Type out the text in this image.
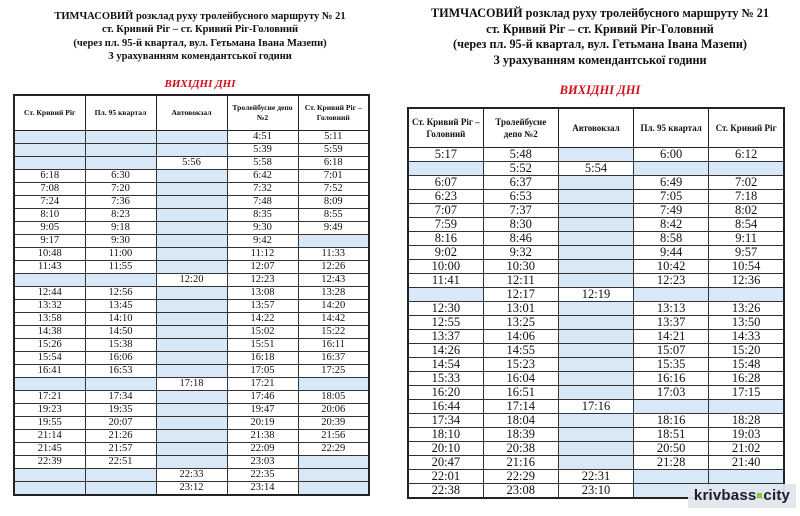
ТИМЧАСОВИЙ розклад руху тролейбусного маршруту № 21
ст. Кривий Ріг – ст. Кривий Ріг-Головний
(через пл. 95-й квартал, вул. Гетьмана Івана Мазепи)
З урахуванням комендантської години
ВИХІДНІ ДНІ
Ст. Кривий Ріг	Пл. 95 квартал	Автовокзал	Тролейбусне депо №2	Ст. Кривий Ріг – Головний
			4:51	5:11
			5:39	5:59
		5:56	5:58	6:18
6:18	6:30		6:42	7:01
7:08	7:20		7:32	7:52
7:24	7:36		7:48	8:09
8:10	8:23		8:35	8:55
9:05	9:18		9:30	9:49
9:17	9:30		9:42	
10:48	11:00		11:12	11:33
11:43	11:55		12:07	12:26
		12:20	12:23	12:43
12:44	12:56		13:08	13:28
13:32	13:45		13:57	14:20
13:58	14:10		14:22	14:42
14:38	14:50		15:02	15:22
15:26	15:38		15:51	16:11
15:54	16:06		16:18	16:37
16:41	16:53		17:05	17:25
		17:18	17:21	
17:21	17:34		17:46	18:05
19:23	19:35		19:47	20:06
19:55	20:07		20:19	20:39
21:14	21:26		21:38	21:56
21:45	21:57		22:09	22:29
22:39	22:51		23:03	
		22:33	22:35	
		23:12	23:14	
ТИМЧАСОВИЙ розклад руху тролейбусного маршруту № 21
ст. Кривий Ріг – ст. Кривий Ріг-Головний
(через пл. 95-й квартал, вул. Гетьмана Івана Мазепи)
З урахуванням комендантської години
ВИХІДНІ ДНІ
Ст. Кривий Ріг – Головний	Тролейбусне депо №2	Автовокзал	Пл. 95 квартал	Ст. Кривий Ріг
5:17	5:48		6:00	6:12
	5:52	5:54		
6:07	6:37		6:49	7:02
6:23	6:53		7:05	7:18
7:07	7:37		7:49	8:02
7:59	8:30		8:42	8:54
8:16	8:46		8:58	9:11
9:02	9:32		9:44	9:57
10:00	10:30		10:42	10:54
11:41	12:11		12:23	12:36
	12:17	12:19		
12:30	13:01		13:13	13:26
12:55	13:25		13:37	13:50
13:37	14:06		14:21	14:33
14:26	14:55		15:07	15:20
14:54	15:23		15:35	15:48
15:33	16:04		16:16	16:28
16:20	16:51		17:03	17:15
16:44	17:14	17:16		
17:34	18:04		18:16	18:28
18:10	18:39		18:51	19:03
20:10	20:38		20:50	21:02
20:47	21:16		21:28	21:40
22:01	22:29	22:31		
22:38	23:08	23:10			krivbass city
